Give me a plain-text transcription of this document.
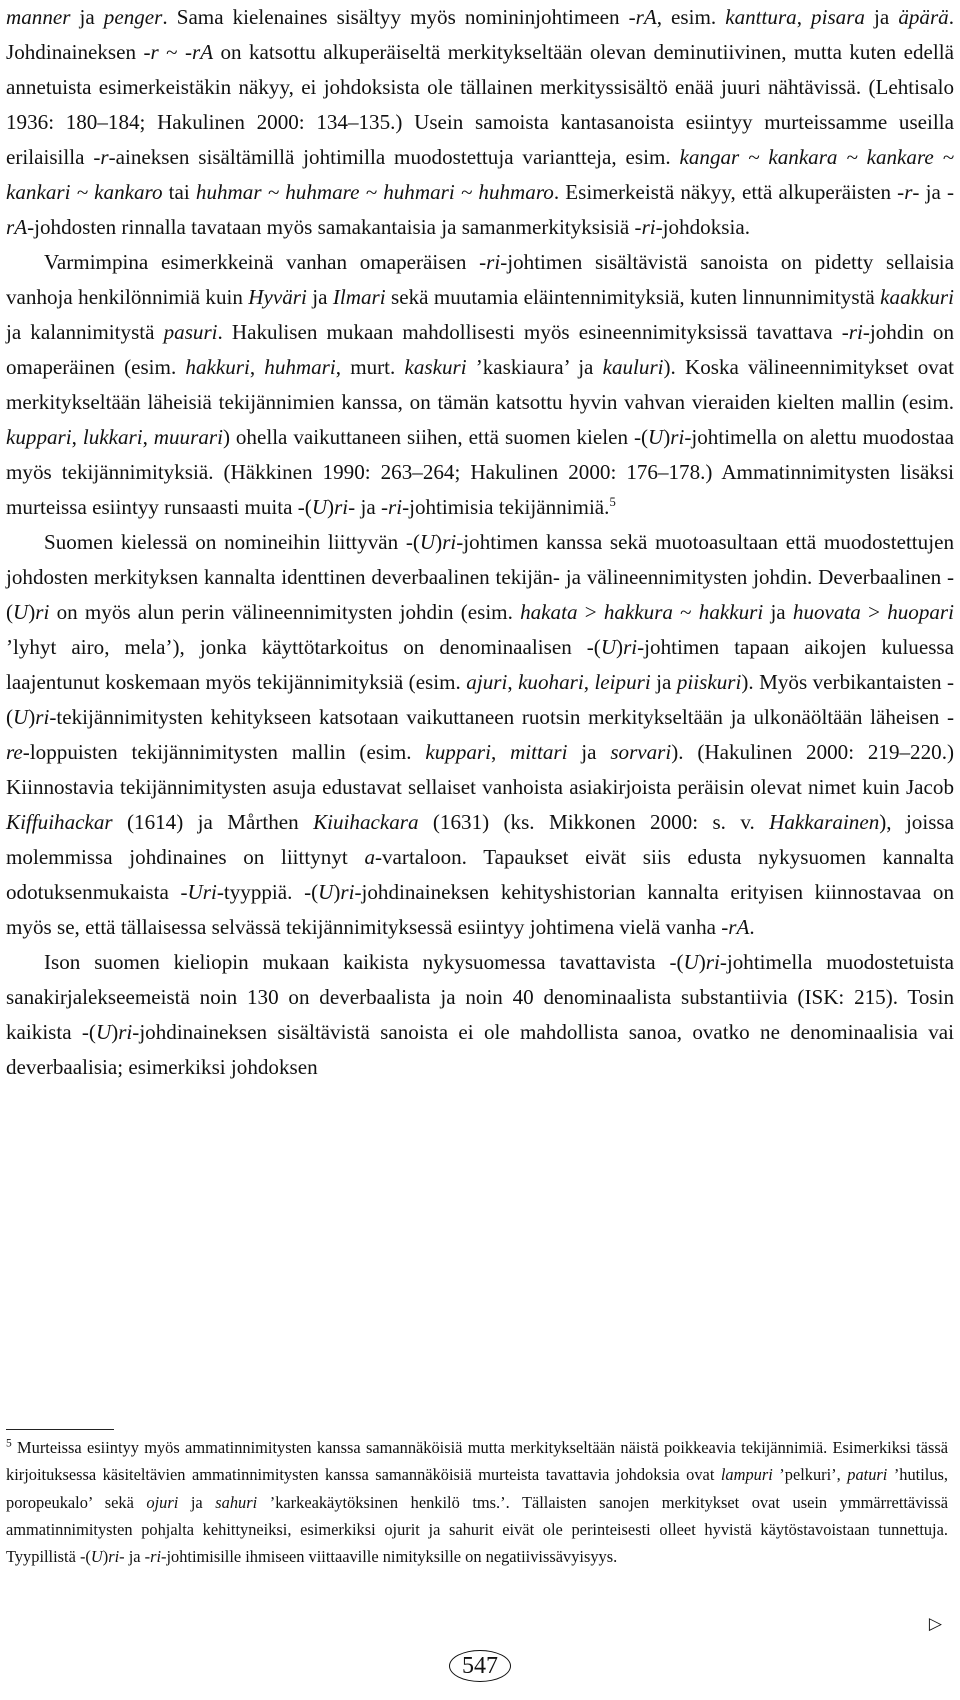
manner ja penger. Sama kielenaines sisältyy myös nomininjohtimeen -rA, esim. kanttura, pisara ja äpärä. Johdinaineksen -r ~ -rA on katsottu alkuperäiseltä merkitykseltään olevan deminutiivinen, mutta kuten edellä annetuista esimerkeistäkin näkyy, ei johdoksista ole tällainen merkityssisältö enää juuri nähtävissä. (Lehtisalo 1936: 180–184; Hakulinen 2000: 134–135.) Usein samoista kantasanoista esiintyy murteissamme useilla erilaisilla -r-aineksen sisältämillä johtimilla muodostettuja variantteja, esim. kangar ~ kankara ~ kankare ~ kankari ~ kankaro tai huhmar ~ huhmare ~ huhmari ~ huhmaro. Esimerkeistä näkyy, että alkuperäisten -r- ja -rA-johdosten rinnalla tavataan myös samakantaisia ja samanmerkityksisiä -ri-johdoksia.

Varmimpina esimerkkeinä vanhan omaperäisen -ri-johtimen sisältävistä sanoista on pidetty sellaisia vanhoja henkilönnimiä kuin Hyväri ja Ilmari sekä muutamia eläintennimityksiä, kuten linnunnimitystä kaakkuri ja kalannimitystä pasuri. Hakulisen mukaan mahdollisesti myös esineennimityksissä tavattava -ri-johdin on omaperäinen (esim. hakkuri, huhmari, murt. kaskuri ’kaskiaura’ ja kauluri). Koska välineennimitykset ovat merkitykseltään läheisiä tekijännimien kanssa, on tämän katsottu hyvin vahvan vieraiden kielten mallin (esim. kuppari, lukkari, muurari) ohella vaikuttaneen siihen, että suomen kielen -(U)ri-johtimella on alettu muodostaa myös tekijännimityksiä. (Häkkinen 1990: 263–264; Hakulinen 2000: 176–178.) Ammatinnimitysten lisäksi murteissa esiintyy runsaasti muita -(U)ri- ja -ri-johtimisia tekijännimiä.$^5$

Suomen kielessä on nomineihin liittyvän -(U)ri-johtimen kanssa sekä muotoasultaan että muodostettujen johdosten merkityksen kannalta identtinen deverbaalinen tekijän- ja välineennimitysten johdin. Deverbaalinen -(U)ri on myös alun perin välineennimitysten johdin (esim. hakata > hakkura ~ hakkuri ja huovata > huopari ’lyhyt airo, mela’), jonka käyttötarkoitus on denominaalisen -(U)ri-johtimen tapaan aikojen kuluessa laajentunut koskemaan myös tekijännimityksiä (esim. ajuri, kuohari, leipuri ja piiskuri). Myös verbikantaisten -(U)ri-tekijännimitysten kehitykseen katsotaan vaikuttaneen ruotsin merkitykseltään ja ulkonäöltään läheisen -re-loppuisten tekijännimitysten mallin (esim. kuppari, mittari ja sorvari). (Hakulinen 2000: 219–220.) Kiinnostavia tekijännimitysten asuja edustavat sellaiset vanhoista asiakirjoista peräisin olevat nimet kuin Jacob Kiffuihackar (1614) ja Mårthen Kiuihackara (1631) (ks. Mikkonen 2000: s. v. Hakkarainen), joissa molemmissa johdinaines on liittynyt a-vartaloon. Tapaukset eivät siis edusta nykysuomen kannalta odotuksenmukaista -Uri-tyyppiä. -(U)ri-johdinaineksen kehityshistorian kannalta erityisen kiinnostavaa on myös se, että tällaisessa selvässä tekijännimityksessä esiintyy johtimena vielä vanha -rA.

Ison suomen kieliopin mukaan kaikista nykysuomessa tavattavista -(U)ri-johtimella muodostetuista sanakirjalekseemeistä noin 130 on deverbaalista ja noin 40 denominaalista substantiivia (ISK: 215). Tosin kaikista -(U)ri-johdinaineksen sisältävistä sanoista ei ole mahdollista sanoa, ovatko ne denominaalisia vai deverbaalisia; esimerkiksi johdoksen

$^5$ Murteissa esiintyy myös ammatinnimitysten kanssa samannäköisiä mutta merkitykseltään näistä poikkeavia tekijännimiä. Esimerkiksi tässä kirjoituksessa käsiteltävien ammatinnimitysten kanssa samannäköisiä murteista tavattavia johdoksia ovat lampuri ’pelkuri’, paturi ’hutilus, poropeukalo’ sekä ojuri ja sahuri ’karkeakäytöksinen henkilö tms.’. Tällaisten sanojen merkitykset ovat usein ymmärrettävissä ammatinnimitysten pohjalta kehittyneiksi, esimerkiksi ojurit ja sahurit eivät ole perinteisesti olleet hyvistä käytöstavoistaan tunnettuja. Tyypillistä -(U)ri- ja -ri-johtimisille ihmiseen viittaaville nimityksille on negatiivissävyisyys.

▷
547
